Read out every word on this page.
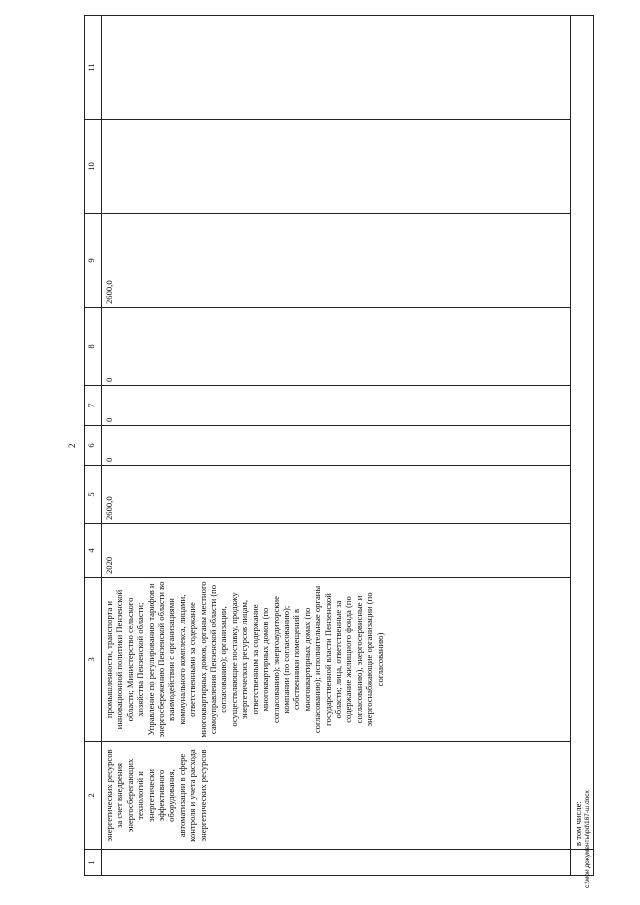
2
1	2	3	4	5	6	7	8	9	10	11
	энергетических ресурсов за счет внедрения энергосберегающих технологий и энергетически эффективного оборудования, автоматизации в сфере контроля и учета расхода энергетических ресурсов	промышленности, транспорта и инновационной политики Пензенской области; Министерство сельского хозяйства Пензенской области; Управление по регулированию тарифов и энергосбережению Пензенской области во взаимодействии с организациями коммунального комплекса, лицами, ответственными за содержание многоквартирных домов, органы местного самоуправления Пензенской области (по согласованию); организации, осуществляющие поставку, продажу энергетических ресурсов лицам, ответственным за содержание многоквартирных домов (по согласованию); энергоаудиторские компании (по согласованию); собственники помещений в многоквартирных домах (по согласованию); исполнительные органы государственной власти Пензенской области; лица, ответственные за содержание жилищного фонда (по согласованию), энергосервисные и энергоснабжающие организации (по согласованию)	2020	2600,0	0	0	0	2600,0		
	в том числе:									c:\мои документы\pd\167-ш.docx
